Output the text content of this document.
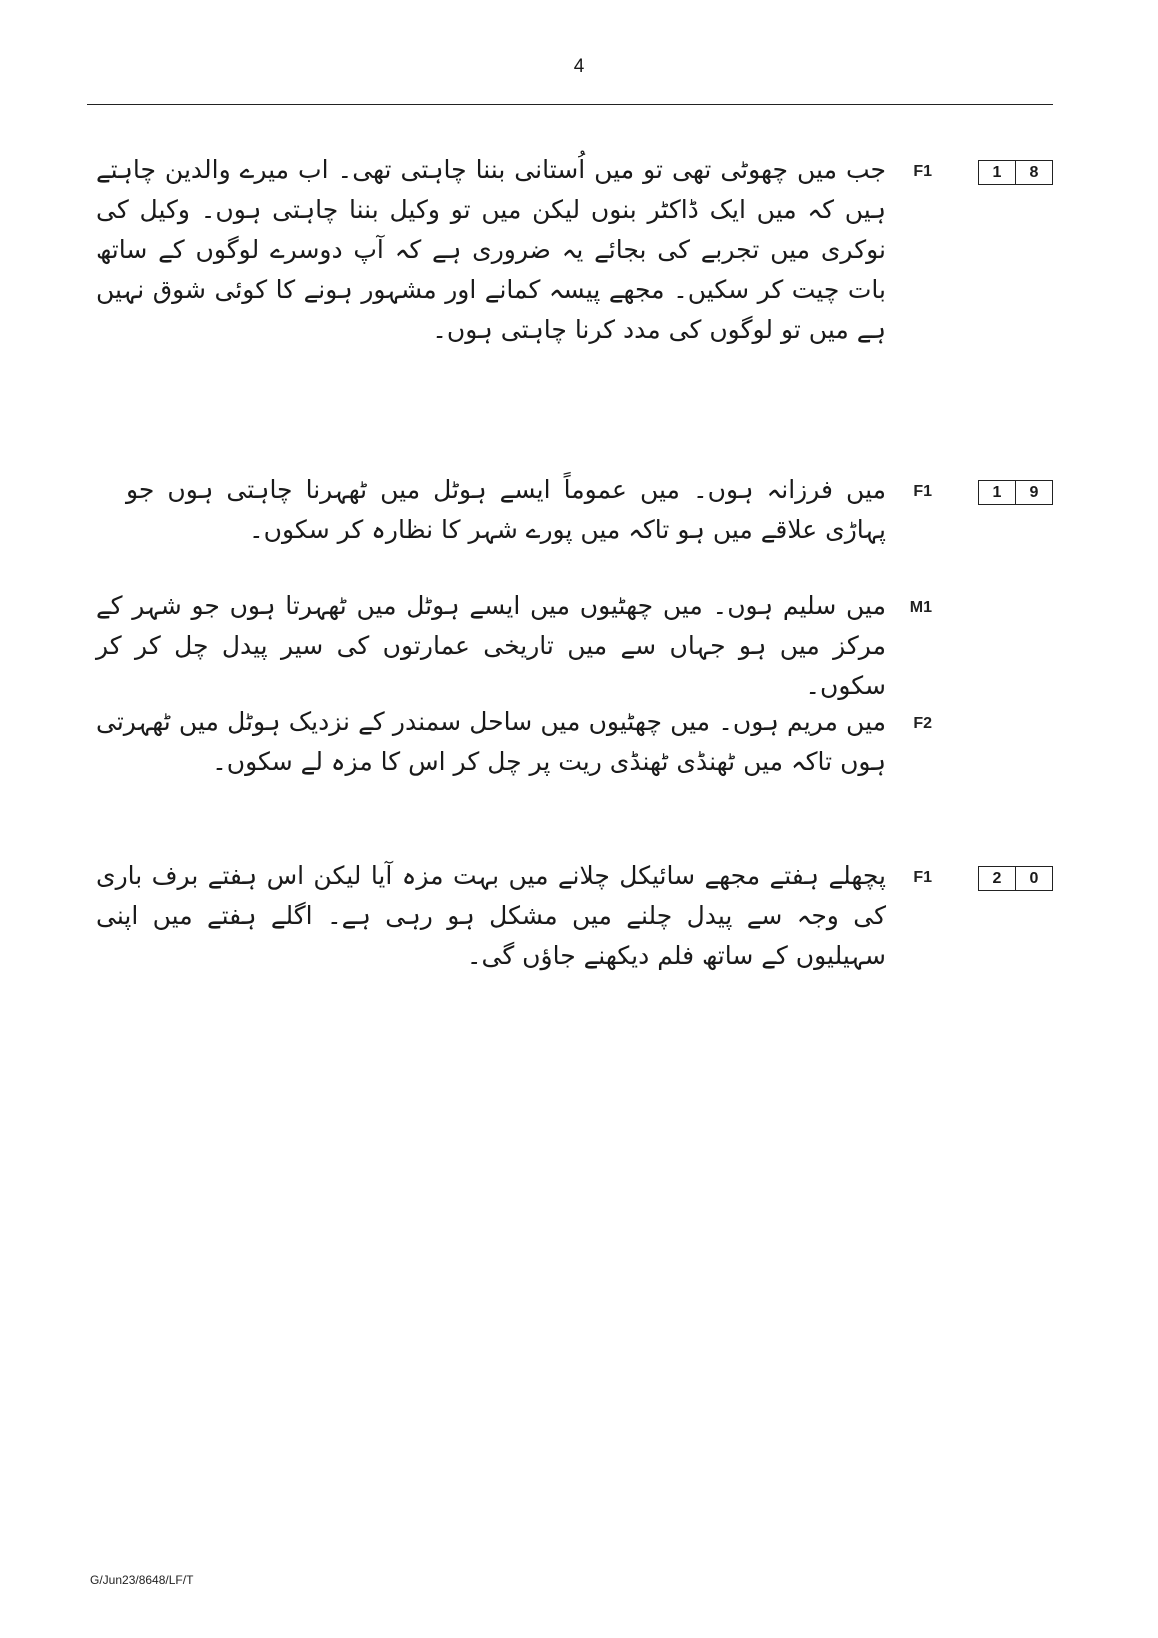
4
1	8
F1
جب میں چھوٹی تھی تو میں اُستانی بننا چاہتی تھی۔ اب میرے والدین چاہتے ہیں کہ میں ایک ڈاکٹر بنوں لیکن میں تو وکیل بننا چاہتی ہوں۔ وکیل کی نوکری میں تجربے کی بجائے یہ ضروری ہے کہ آپ دوسرے لوگوں کے ساتھ بات چیت کر سکیں۔ مجھے پیسہ کمانے اور مشہور ہونے کا کوئی شوق نہیں ہے میں تو لوگوں کی مدد کرنا چاہتی ہوں۔
1	9
F1
میں فرزانہ ہوں۔ میں عموماً ایسے ہوٹل میں ٹھہرنا چاہتی ہوں جو پہاڑی علاقے میں ہو تاکہ میں پورے شہر کا نظارہ کر سکوں۔
M1
میں سلیم ہوں۔ میں چھٹیوں میں ایسے ہوٹل میں ٹھہرتا ہوں جو شہر کے مرکز میں ہو جہاں سے میں تاریخی عمارتوں کی سیر پیدل چل کر کر سکوں۔
F2
میں مریم ہوں۔ میں چھٹیوں میں ساحل سمندر کے نزدیک ہوٹل میں ٹھہرتی ہوں تاکہ میں ٹھنڈی ٹھنڈی ریت پر چل کر اس کا مزہ لے سکوں۔
2	0
F1
پچھلے ہفتے مجھے سائیکل چلانے میں بہت مزہ آیا لیکن اس ہفتے برف باری کی وجہ سے پیدل چلنے میں مشکل ہو رہی ہے۔ اگلے ہفتے میں اپنی سہیلیوں کے ساتھ فلم دیکھنے جاؤں گی۔
G/Jun23/8648/LF/T
